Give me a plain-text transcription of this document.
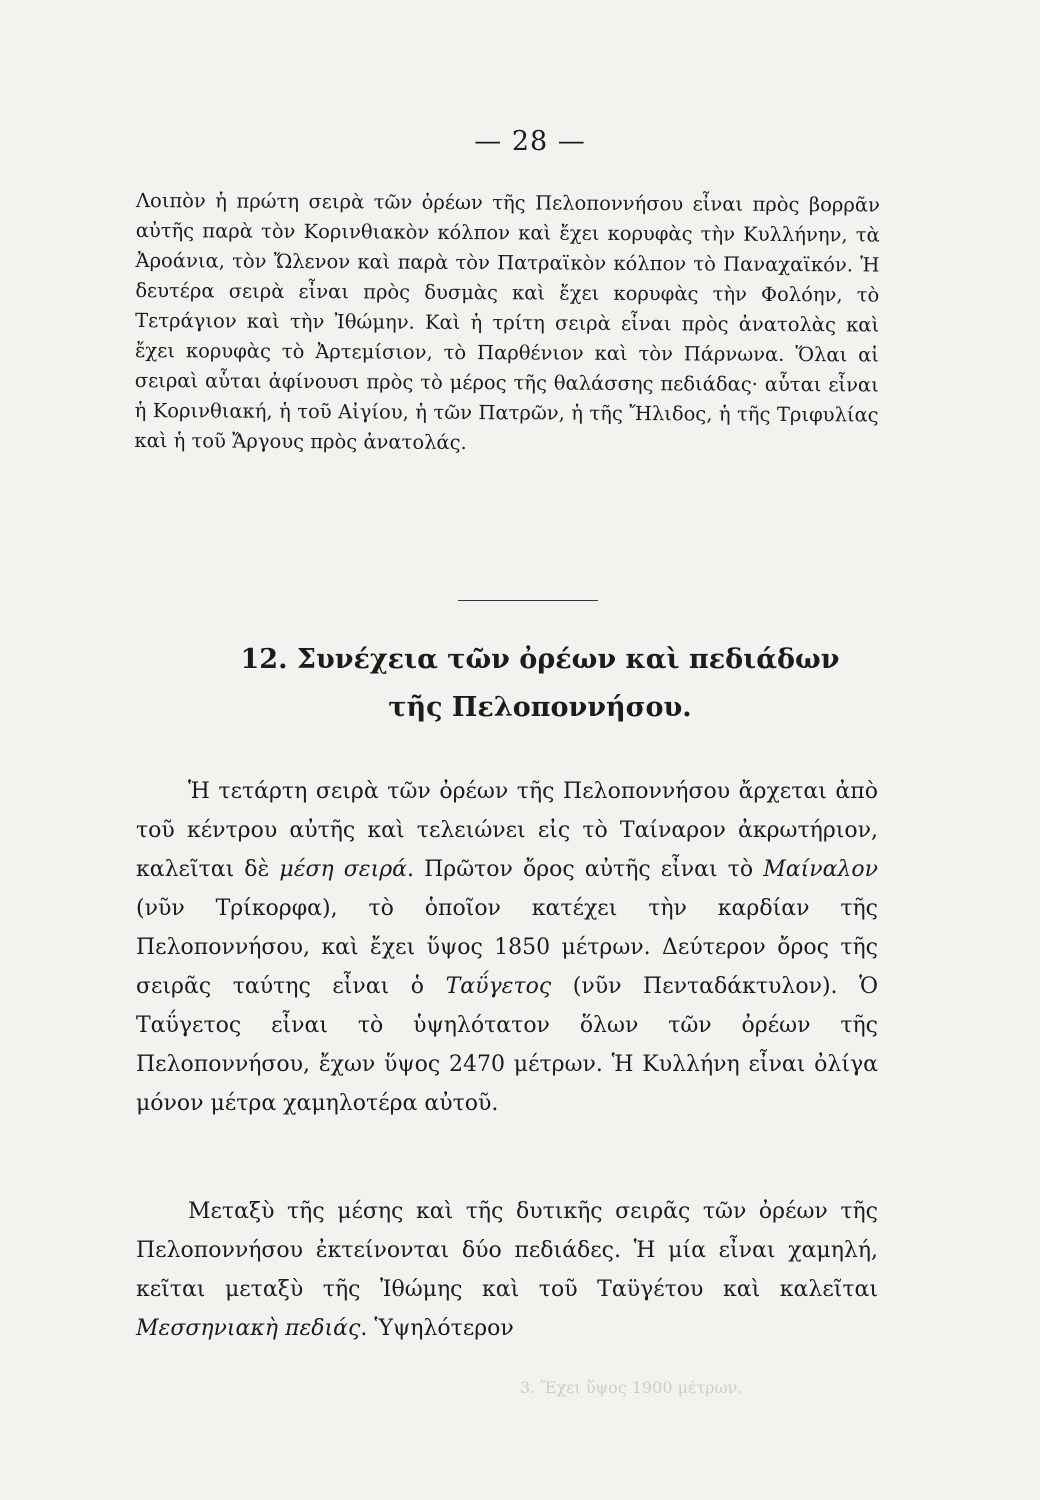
— 28 —
Λοιπὸν ἡ πρώτη σειρὰ τῶν ὀρέων τῆς Πελοποννήσου εἶναι πρὸς βορρᾶν αὐτῆς παρὰ τὸν Κορινθιακὸν κόλπον καὶ ἔχει κορυφὰς τὴν Κυλλήνην, τὰ Ἀροάνια, τὸν Ὤλενον καὶ παρὰ τὸν Πατραϊκὸν κόλπον τὸ Παναχαϊκόν. Ἡ δευτέρα σειρὰ εἶναι πρὸς δυσμὰς καὶ ἔχει κορυφὰς τὴν Φολόην, τὸ Τετράγιον καὶ τὴν Ἰθώμην. Καὶ ἡ τρίτη σειρὰ εἶναι πρὸς ἀνατολὰς καὶ ἔχει κορυφὰς τὸ Ἀρτεμίσιον, τὸ Παρθένιον καὶ τὸν Πάρνωνα. Ὅλαι αἱ σειραὶ αὗται ἀφίνουσι πρὸς τὸ μέρος τῆς θαλάσσης πεδιάδας· αὗται εἶναι ἡ Κορινθιακή, ἡ τοῦ Αἰγίου, ἡ τῶν Πατρῶν, ἡ τῆς Ἤλιδος, ἡ τῆς Τριφυλίας καὶ ἡ τοῦ Ἄργους πρὸς ἀνατολάς.
12. Συνέχεια τῶν ὀρέων καὶ πεδιάδων
τῆς Πελοποννήσου.
Ἡ τετάρτη σειρὰ τῶν ὀρέων τῆς Πελοποννήσου ἄρχεται ἀπὸ τοῦ κέντρου αὐτῆς καὶ τελειώνει εἰς τὸ Ταίναρον ἀκρωτήριον, καλεῖται δὲ μέση σειρά. Πρῶτον ὄρος αὐτῆς εἶναι τὸ Μαίναλον (νῦν Τρίκορφα), τὸ ὁποῖον κατέχει τὴν καρδίαν τῆς Πελοποννήσου, καὶ ἔχει ὕψος 1850 μέτρων. Δεύτερον ὄρος τῆς σειρᾶς ταύτης εἶναι ὁ Ταΰγετος (νῦν Πενταδάκτυλον). Ὁ Ταΰγετος εἶναι τὸ ὑψηλότατον ὅλων τῶν ὀρέων τῆς Πελοποννήσου, ἔχων ὕψος 2470 μέτρων. Ἡ Κυλλήνη εἶναι ὀλίγα μόνον μέτρα χαμηλοτέρα αὐτοῦ.
Μεταξὺ τῆς μέσης καὶ τῆς δυτικῆς σειρᾶς τῶν ὀρέων τῆς Πελοποννήσου ἐκτείνονται δύο πεδιάδες. Ἡ μία εἶναι χαμηλή, κεῖται μεταξὺ τῆς Ἰθώμης καὶ τοῦ Ταϋγέτου καὶ καλεῖται Μεσσηνιακὴ πεδιάς. Ὑψηλότερον
3. Ἔχει ὕψος 1900 μέτρων.
